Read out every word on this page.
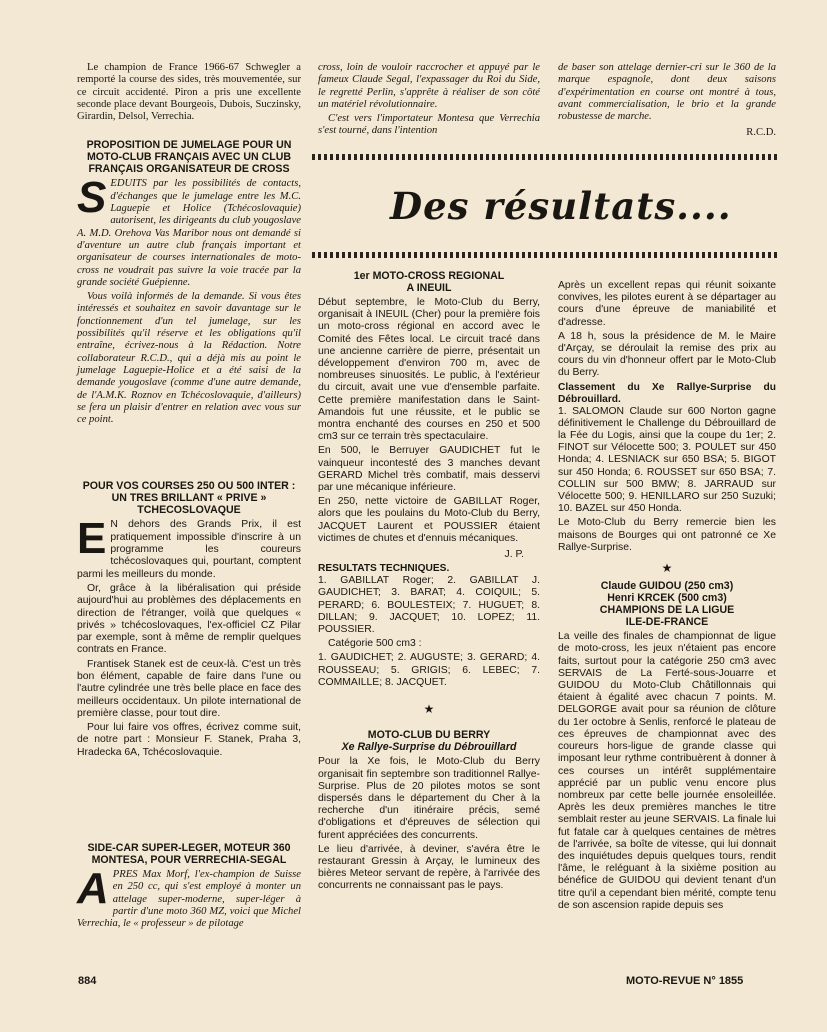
Le champion de France 1966-67 Schwegler a remporté la course des sides, très mouvementée, sur ce circuit accidenté. Piron a pris une excellente seconde place devant Bourgeois, Dubois, Suczinsky, Girardin, Delsol, Verrechia.

PROPOSITION DE JUMELAGE POUR UN MOTO-CLUB FRANÇAIS AVEC UN CLUB FRANÇAIS ORGANISATEUR DE CROSS
S EDUITS par les possibilités de contacts, d'échanges que le jumelage entre les M.C. Laguepie et Holice (Tchécoslovaquie) autorisent, les dirigeants du club yougoslave A. M.D. Orehova Vas Maribor nous ont demandé si d'aventure un autre club français important et organisateur de courses internationales de moto-cross ne voudrait pas suivre la voie tracée par la grande société Guépienne.

Vous voilà informés de la demande. Si vous êtes intéressés et souhaitez en savoir davantage sur le fonctionnement d'un tel jumelage, sur les possibilités qu'il réserve et les obligations qu'il entraîne, écrivez-nous à la Rédaction. Notre collaborateur R.C.D., qui a déjà mis au point le jumelage Laguepie-Holice et a été saisi de la demande yougoslave (comme d'une autre demande, de l'A.M.K. Roznov en Tchécoslovaquie, d'ailleurs) se fera un plaisir d'entrer en relation avec vous sur ce point.

POUR VOS COURSES 250 OU 500 INTER : UN TRES BRILLANT « PRIVE » TCHECOSLOVAQUE
E N dehors des Grands Prix, il est pratiquement impossible d'inscrire à un programme les coureurs tchécoslovaques qui, pourtant, comptent parmi les meilleurs du monde.

Or, grâce à la libéralisation qui préside aujourd'hui au problèmes des déplacements en direction de l'étranger, voilà que quelques « privés » tchécoslovaques, l'ex-officiel CZ Pilar par exemple, sont à même de remplir quelques contrats en France.

Frantisek Stanek est de ceux-là. C'est un très bon élément, capable de faire dans l'une ou l'autre cylindrée une très belle place en face des meilleurs occidentaux. Un pilote international de première classe, pour tout dire.

Pour lui faire vos offres, écrivez comme suit, de notre part : Monsieur F. Stanek, Praha 3, Hradecka 6A, Tchécoslovaquie.

SIDE-CAR SUPER-LEGER, MOTEUR 360 MONTESA, POUR VERRECHIA-SEGAL
A PRES Max Morf, l'ex-champion de Suisse en 250 cc, qui s'est employé à monter un attelage super-moderne, super-léger à partir d'une moto 360 MZ, voici que Michel Verrechia, le « professeur » de pilotage

cross, loin de vouloir raccrocher et appuyé par le fameux Claude Segal, l'expassager du Roi du Side, le regretté Perlin, s'apprête à réaliser de son côté un matériel révolutionnaire.

C'est vers l'importateur Montesa que Verrechia s'est tourné, dans l'intention

de baser son attelage dernier-cri sur le 360 de la marque espagnole, dont deux saisons d'expérimentation en course ont montré à tous, avant commercialisation, le brio et la grande robustesse de marche.

R.C.D.
Des résultats....
1er MOTO-CROSS REGIONAL
A INEUIL

Début septembre, le Moto-Club du Berry, organisait à INEUIL (Cher) pour la première fois un moto-cross régional en accord avec le Comité des Fêtes local. Le circuit tracé dans une ancienne carrière de pierre, présentait un développement d'environ 700 m, avec de nombreuses sinuosités. Le public, à l'extérieur du circuit, avait une vue d'ensemble parfaite. Cette première manifestation dans le Saint-Amandois fut une réussite, et le public se montra enchanté des courses en 250 et 500 cm3 sur ce terrain très spectaculaire.

En 500, le Berruyer GAUDICHET fut le vainqueur incontesté des 3 manches devant GERARD Michel très combatif, mais desservi par une mécanique inférieure.

En 250, nette victoire de GABILLAT Roger, alors que les poulains du Moto-Club du Berry, JACQUET Laurent et POUSSIER étaient victimes de chutes et d'ennuis mécaniques.

J. P.
RESULTATS TECHNIQUES.

1. GABILLAT Roger; 2. GABILLAT J. GAUDICHET; 3. BARAT; 4. COIQUIL; 5. PERARD; 6. BOULESTEIX; 7. HUGUET; 8. DILLAN; 9. JACQUET; 10. LOPEZ; 11. POUSSIER.

Catégorie 500 cm3 :

1. GAUDICHET; 2. AUGUSTE; 3. GERARD; 4. ROUSSEAU; 5. GRIGIS; 6. LEBEC; 7. COMMAILLE; 8. JACQUET.

★
MOTO-CLUB DU BERRY
Xe Rallye-Surprise du Débrouillard

Pour la Xe fois, le Moto-Club du Berry organisait fin septembre son traditionnel Rallye-Surprise. Plus de 20 pilotes motos se sont dispersés dans le département du Cher à la recherche d'un itinéraire précis, semé d'obligations et d'épreuves de sélection qui furent appréciées des concurrents.

Le lieu d'arrivée, à deviner, s'avéra être le restaurant Gressin à Arçay, le lumineux des bières Meteor servant de repère, à l'arrivée des concurrents ne connaissant pas le pays.

Après un excellent repas qui réunit soixante convives, les pilotes eurent à se départager au cours d'une épreuve de maniabilité et d'adresse.

A 18 h, sous la présidence de M. le Maire d'Arçay, se déroulait la remise des prix au cours du vin d'honneur offert par le Moto-Club du Berry.

Classement du Xe Rallye-Surprise du Débrouillard.

1. SALOMON Claude sur 600 Norton gagne définitivement le Challenge du Débrouillard de la Fée du Logis, ainsi que la coupe du 1er; 2. FINOT sur Vélocette 500; 3. POULET sur 450 Honda; 4. LESNIACK sur 650 BSA; 5. BIGOT sur 450 Honda; 6. ROUSSET sur 650 BSA; 7. COLLIN sur 500 BMW; 8. JARRAUD sur Vélocette 500; 9. HENILLARO sur 250 Suzuki; 10. BAZEL sur 450 Honda.

Le Moto-Club du Berry remercie bien les maisons de Bourges qui ont patronné ce Xe Rallye-Surprise.

★
Claude GUIDOU (250 cm3)
Henri KRCEK (500 cm3)
CHAMPIONS DE LA LIGUE
ILE-DE-FRANCE

La veille des finales de championnat de ligue de moto-cross, les jeux n'étaient pas encore faits, surtout pour la catégorie 250 cm3 avec SERVAIS de La Ferté-sous-Jouarre et GUIDOU du Moto-Club Châtillonnais qui étaient à égalité avec chacun 7 points. M. DELGORGE avait pour sa réunion de clôture du 1er octobre à Senlis, renforcé le plateau de ces épreuves de championnat avec des coureurs hors-ligue de grande classe qui imposant leur rythme contribuèrent à donner à ces courses un intérêt supplémentaire apprécié par un public venu encore plus nombreux par cette belle journée ensoleillée. Après les deux premières manches le titre semblait rester au jeune SERVAIS. La finale lui fut fatale car à quelques centaines de mètres de l'arrivée, sa boîte de vitesse, qui lui donnait des inquiétudes depuis quelques tours, rendit l'âme, le reléguant à la sixième position au bénéfice de GUIDOU qui devient tenant d'un titre qu'il a cependant bien mérité, compte tenu de son ascension rapide depuis ses

884	MOTO-REVUE N° 1855
